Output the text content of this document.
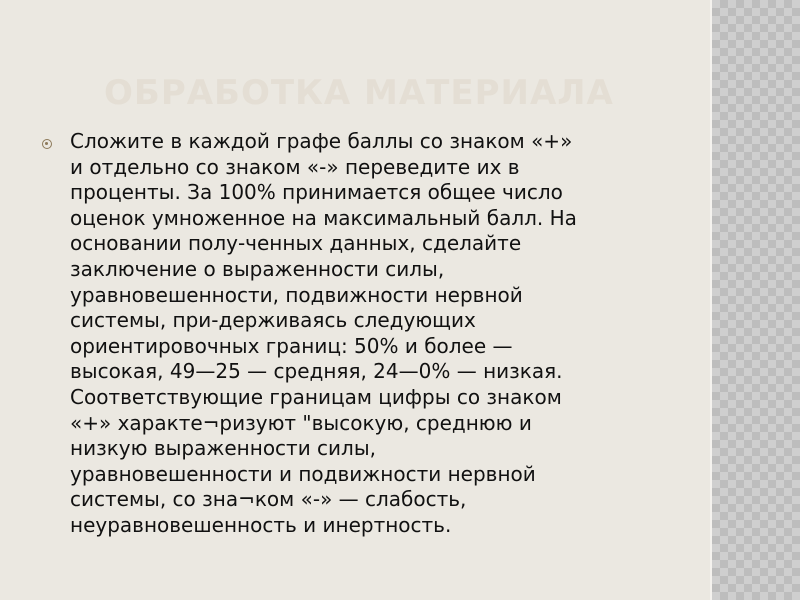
ОБРАБОТКА МАТЕРИАЛА

Сложите в каждой графе баллы со знаком «+»
и отдельно со знаком «-» переведите их в
проценты. За 100% принимается общее число
оценок умноженное на максимальный балл. На
основании полу-ченных данных, сделайте
заключение о выраженности силы,
уравновешенности, подвижности нервной
системы, при-держиваясь следующих
ориентировочных границ: 50% и более —
высокая, 49—25 — средняя, 24—0% — низкая.
Соответствующие границам цифры со знаком
«+» характе¬ризуют "высокую, среднюю и
низкую выраженности силы,
уравновешенности и подвижности нервной
системы, со зна¬ком «-» — слабость,
неуравновешенность и инертность.
